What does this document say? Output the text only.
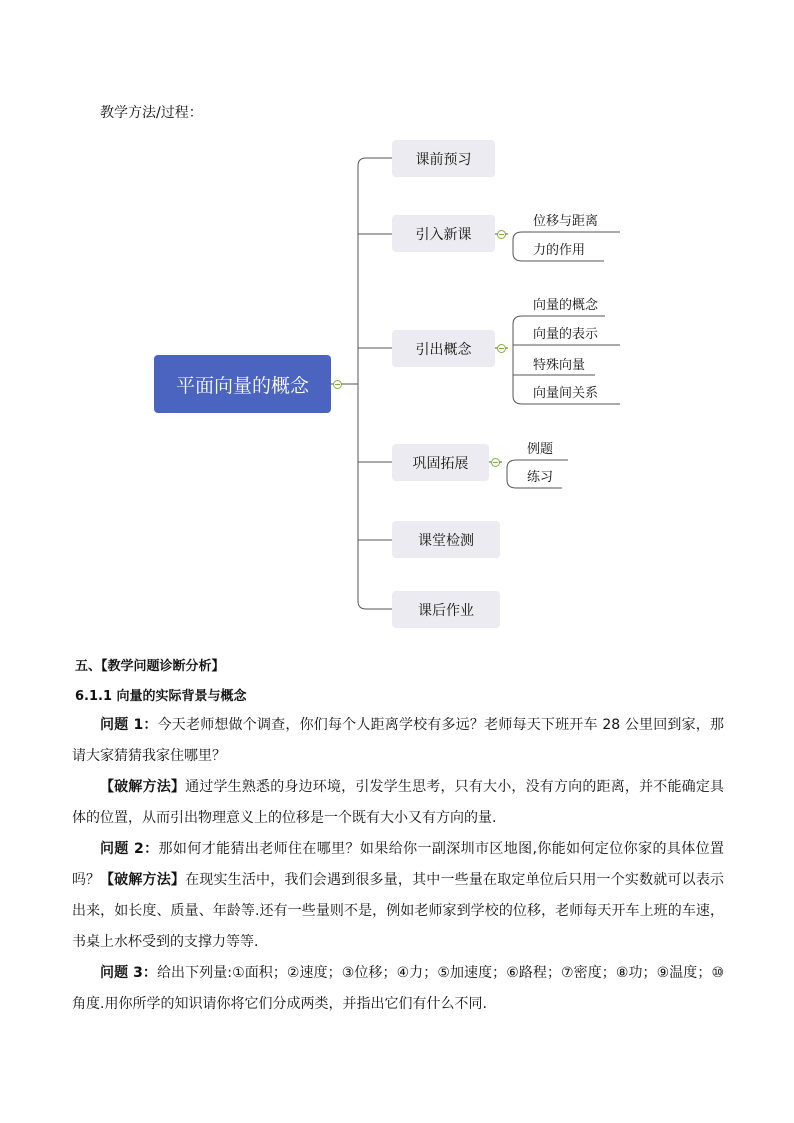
教学方法/过程：
平面向量的概念
课前预习
引入新课
引出概念
巩固拓展
课堂检测
课后作业
位移与距离
力的作用
向量的概念
向量的表示
特殊向量
向量间关系
例题
练习
五、【教学问题诊断分析】
6.1.1 向量的实际背景与概念
问题 1：今天老师想做个调查，你们每个人距离学校有多远？老师每天下班开车 28 公里回到家，那请大家猜猜我家住哪里？
【破解方法】通过学生熟悉的身边环境，引发学生思考，只有大小，没有方向的距离，并不能确定具体的位置，从而引出物理意义上的位移是一个既有大小又有方向的量.
问题 2：那如何才能猜出老师住在哪里？如果给你一副深圳市区地图,你能如何定位你家的具体位置吗？ 【破解方法】在现实生活中，我们会遇到很多量，其中一些量在取定单位后只用一个实数就可以表示出来，如长度、质量、年龄等.还有一些量则不是，例如老师家到学校的位移，老师每天开车上班的车速，书桌上水杯受到的支撑力等等.
问题 3：给出下列量:①面积；②速度；③位移；④力；⑤加速度；⑥路程；⑦密度；⑧功；⑨温度；⑩角度.用你所学的知识请你将它们分成两类，并指出它们有什么不同.
